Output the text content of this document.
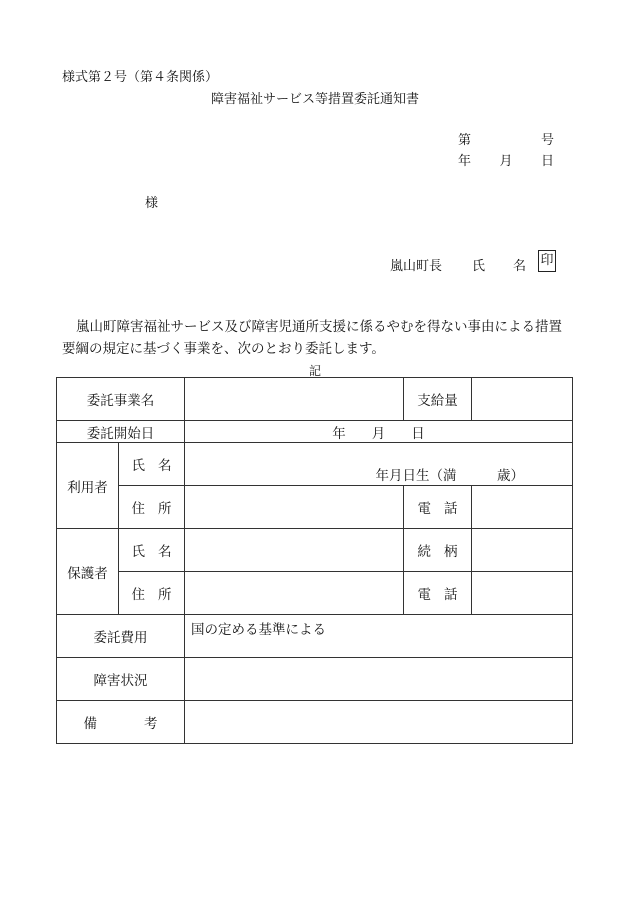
様式第２号（第４条関係）
障害福祉サービス等措置委託通知書
第	号
年 月 日
様
嵐山町長 氏 名 印
嵐山町障害福祉サービス及び障害児通所支援に係るやむを得ない事由による措置要綱の規定に基づく事業を、次のとおり委託します。
記
委託事業名			支給量	
委託開始日		年 月 日		

利用者	氏 名	年月日生（満　　　歳）		

	住 所		電 話	

保護者	氏 名		続 柄	

	住 所		電 話	

委託費用		国の定める基準による		
障害状況				

備 考				
